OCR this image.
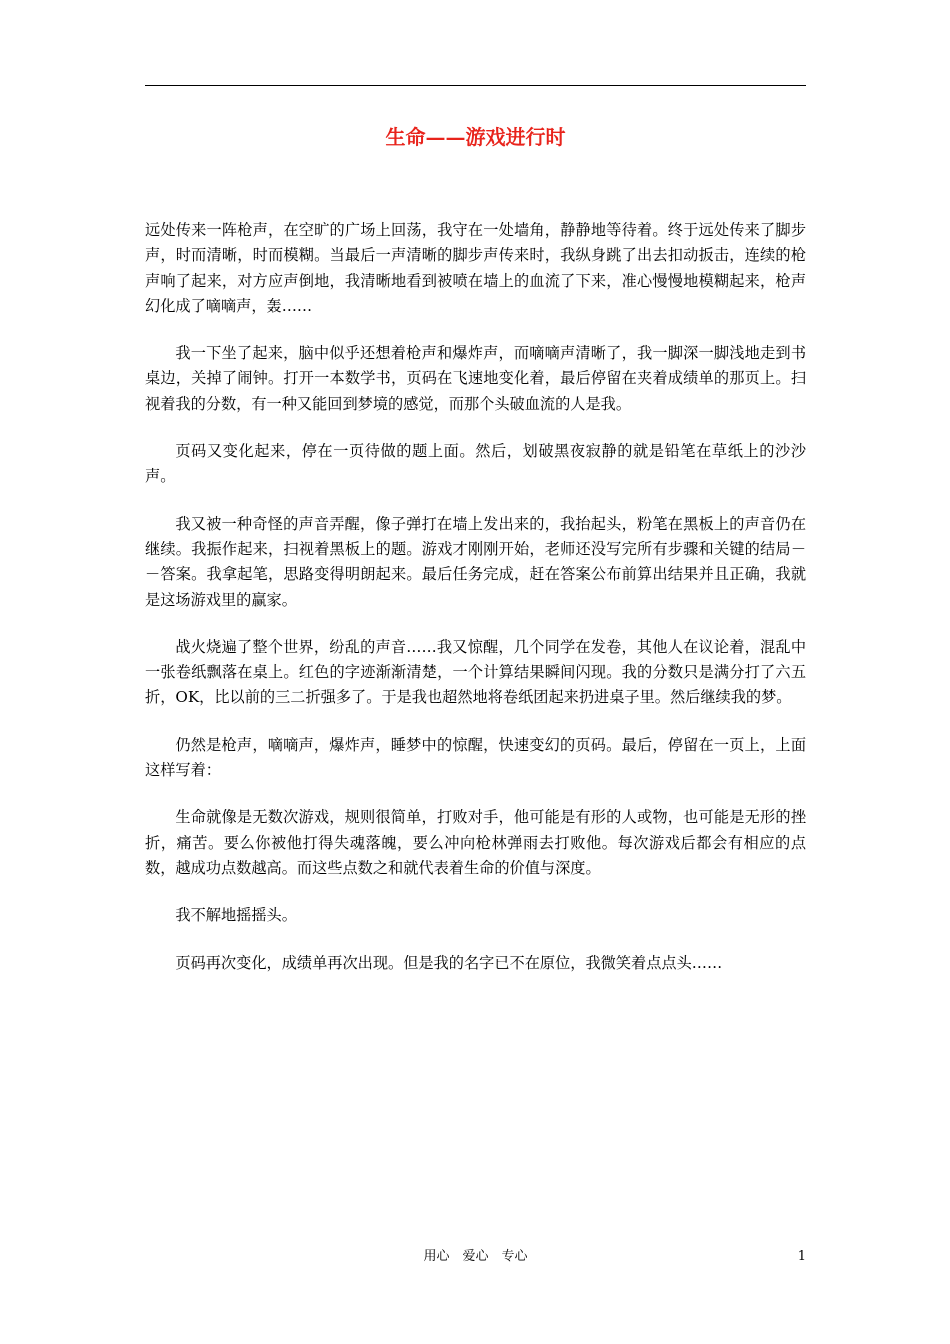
生命——游戏进行时

远处传来一阵枪声，在空旷的广场上回荡，我守在一处墙角，静静地等待着。终于远处传来了脚步声，时而清晰，时而模糊。当最后一声清晰的脚步声传来时，我纵身跳了出去扣动扳击，连续的枪声响了起来，对方应声倒地，我清晰地看到被喷在墙上的血流了下来，准心慢慢地模糊起来，枪声幻化成了嘀嘀声，轰……

我一下坐了起来，脑中似乎还想着枪声和爆炸声，而嘀嘀声清晰了，我一脚深一脚浅地走到书桌边，关掉了闹钟。打开一本数学书，页码在飞速地变化着，最后停留在夹着成绩单的那页上。扫视着我的分数，有一种又能回到梦境的感觉，而那个头破血流的人是我。

页码又变化起来，停在一页待做的题上面。然后，划破黑夜寂静的就是铅笔在草纸上的沙沙声。

我又被一种奇怪的声音弄醒，像子弹打在墙上发出来的，我抬起头，粉笔在黑板上的声音仍在继续。我振作起来，扫视着黑板上的题。游戏才刚刚开始，老师还没写完所有步骤和关键的结局－－答案。我拿起笔，思路变得明朗起来。最后任务完成，赶在答案公布前算出结果并且正确，我就是这场游戏里的赢家。

战火烧遍了整个世界，纷乱的声音……我又惊醒，几个同学在发卷，其他人在议论着，混乱中一张卷纸飘落在桌上。红色的字迹渐渐清楚，一个计算结果瞬间闪现。我的分数只是满分打了六五折，OK，比以前的三二折强多了。于是我也超然地将卷纸团起来扔进桌子里。然后继续我的梦。

仍然是枪声，嘀嘀声，爆炸声，睡梦中的惊醒，快速变幻的页码。最后，停留在一页上，上面这样写着：

生命就像是无数次游戏，规则很简单，打败对手，他可能是有形的人或物，也可能是无形的挫折，痛苦。要么你被他打得失魂落魄，要么冲向枪林弹雨去打败他。每次游戏后都会有相应的点数，越成功点数越高。而这些点数之和就代表着生命的价值与深度。

我不解地摇摇头。

页码再次变化，成绩单再次出现。但是我的名字已不在原位，我微笑着点点头……

用心　爱心　专心	1
